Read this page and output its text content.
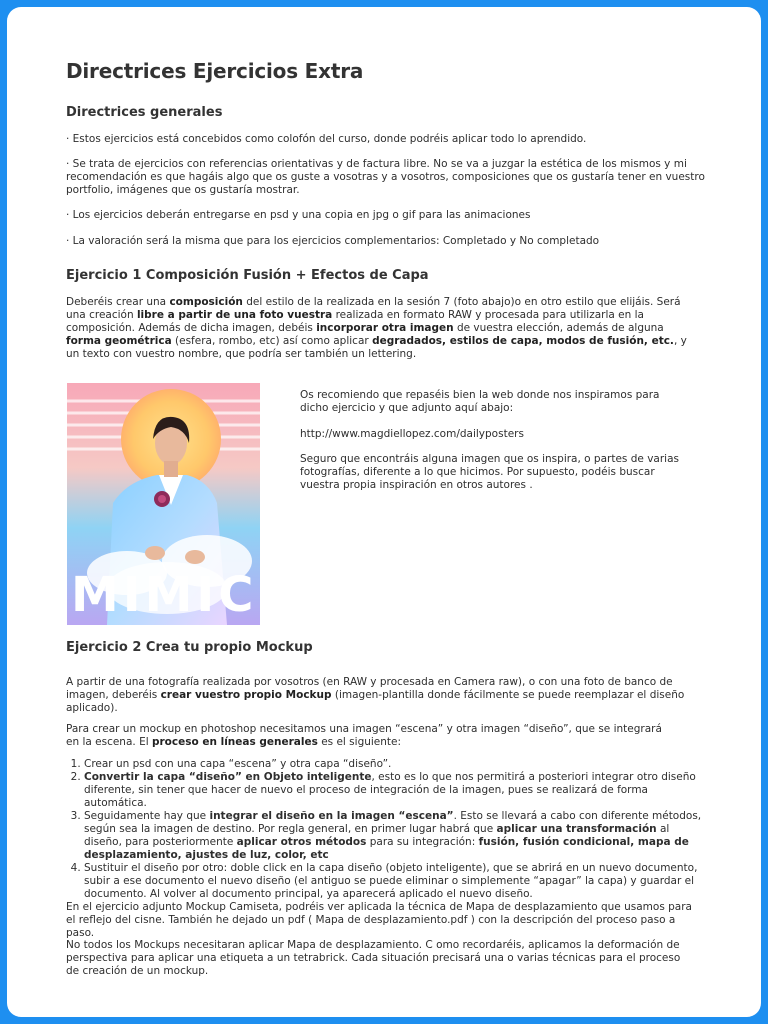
Directrices Ejercicios Extra
Directrices generales

· Estos ejercicios está concebidos como colofón del curso, donde podréis aplicar todo lo aprendido.

· Se trata de ejercicios con referencias orientativas y de factura libre. No se va a juzgar la estética de los mismos y mi recomendación es que hagáis algo que os guste a vosotras y a vosotros, composiciones que os gustaría tener en vuestro portfolio, imágenes que os gustaría mostrar.

· Los ejercicios deberán entregarse en psd y una copia en jpg o gif para las animaciones

· La valoración será la misma que para los ejercicios complementarios: Completado y No completado

Ejercicio 1 Composición Fusión + Efectos de Capa

Deberéis crear una composición del estilo de la realizada en la sesión 7 (foto abajo)o en otro estilo que elijáis. Será una creación libre a partir de una foto vuestra realizada en formato RAW y procesada para utilizarla en la composición. Además de dicha imagen, debéis incorporar otra imagen de vuestra elección, además de alguna forma geométrica (esfera, rombo, etc) así como aplicar degradados, estilos de capa, modos de fusión, etc., y un texto con vuestro nombre, que podría ser también un lettering.

MIMIC

Os recomiendo que repaséis bien la web donde nos inspiramos para dicho ejercicio y que adjunto aquí abajo:

http://www.magdiellopez.com/dailyposters

Seguro que encontráis alguna imagen que os inspira, o partes de varias fotografías, diferente a lo que hicimos. Por supuesto, podéis buscar vuestra propia inspiración en otros autores .

Ejercicio 2 Crea tu propio Mockup

A partir de una fotografía realizada por vosotros (en RAW y procesada en Camera raw), o con una foto de banco de imagen, deberéis crear vuestro propio Mockup (imagen-plantilla donde fácilmente se puede reemplazar el diseño aplicado).

Para crear un mockup en photoshop necesitamos una imagen “escena” y otra imagen “diseño”, que se integrará en la escena. El proceso en líneas generales es el siguiente:

1. Crear un psd con una capa “escena” y otra capa “diseño”.
2. Convertir la capa “diseño” en Objeto inteligente, esto es lo que nos permitirá a posteriori integrar otro diseño diferente, sin tener que hacer de nuevo el proceso de integración de la imagen, pues se realizará de forma automática.
3. Seguidamente hay que integrar el diseño en la imagen “escena”. Esto se llevará a cabo con diferente métodos, según sea la imagen de destino. Por regla general, en primer lugar habrá que aplicar una transformación al diseño, para posteriormente aplicar otros métodos para su integración: fusión, fusión condicional, mapa de desplazamiento, ajustes de luz, color, etc
4. Sustituir el diseño por otro: doble click en la capa diseño (objeto inteligente), que se abrirá en un nuevo documento, subir a ese documento el nuevo diseño (el antiguo se puede eliminar o simplemente “apagar” la capa) y guardar el documento. Al volver al documento principal, ya aparecerá aplicado el nuevo diseño.

En el ejercicio adjunto Mockup Camiseta, podréis ver aplicada la técnica de Mapa de desplazamiento que usamos para el reflejo del cisne. También he dejado un pdf ( Mapa de desplazamiento.pdf ) con la descripción del proceso paso a paso.

No todos los Mockups necesitaran aplicar Mapa de desplazamiento. C omo recordaréis, aplicamos la deformación de perspectiva para aplicar una etiqueta a un tetrabrick. Cada situación precisará una o varias técnicas para el proceso de creación de un mockup.
